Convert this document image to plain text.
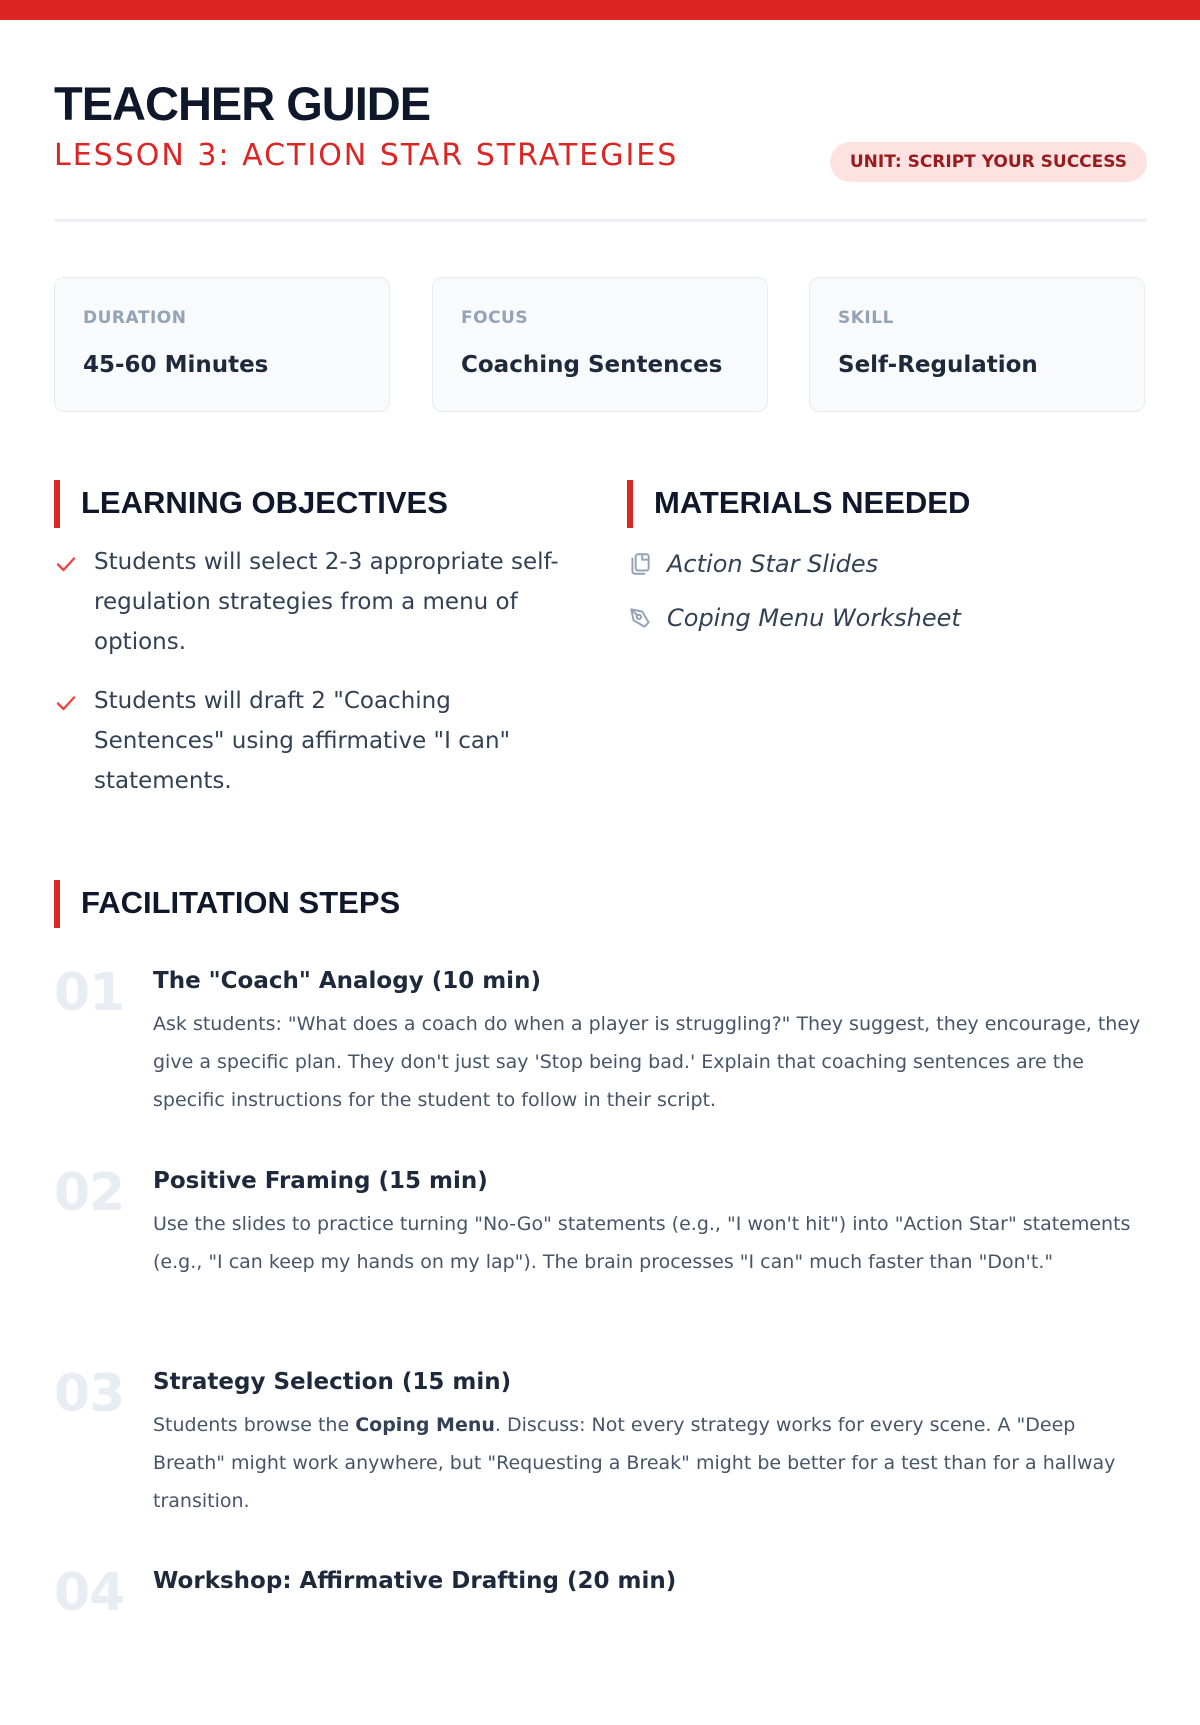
TEACHER GUIDE
LESSON 3: ACTION STAR STRATEGIES	UNIT: SCRIPT YOUR SUCCESS
DURATION
45-60 Minutes
FOCUS
Coaching Sentences
SKILL
Self-Regulation
LEARNING OBJECTIVES
Students will select 2-3 appropriate self-regulation strategies from a menu of options.
Students will draft 2 "Coaching Sentences" using affirmative "I can" statements.
MATERIALS NEEDED
Action Star Slides
Coping Menu Worksheet
FACILITATION STEPS
01 The "Coach" Analogy (10 min)
Ask students: "What does a coach do when a player is struggling?" They suggest, they encourage, they give a specific plan. They don't just say 'Stop being bad.' Explain that coaching sentences are the specific instructions for the student to follow in their script.
02 Positive Framing (15 min)
Use the slides to practice turning "No-Go" statements (e.g., "I won't hit") into "Action Star" statements (e.g., "I can keep my hands on my lap"). The brain processes "I can" much faster than "Don't."
03 Strategy Selection (15 min)
Students browse the Coping Menu. Discuss: Not every strategy works for every scene. A "Deep Breath" might work anywhere, but "Requesting a Break" might be better for a test than for a hallway transition.
04 Workshop: Affirmative Drafting (20 min)
